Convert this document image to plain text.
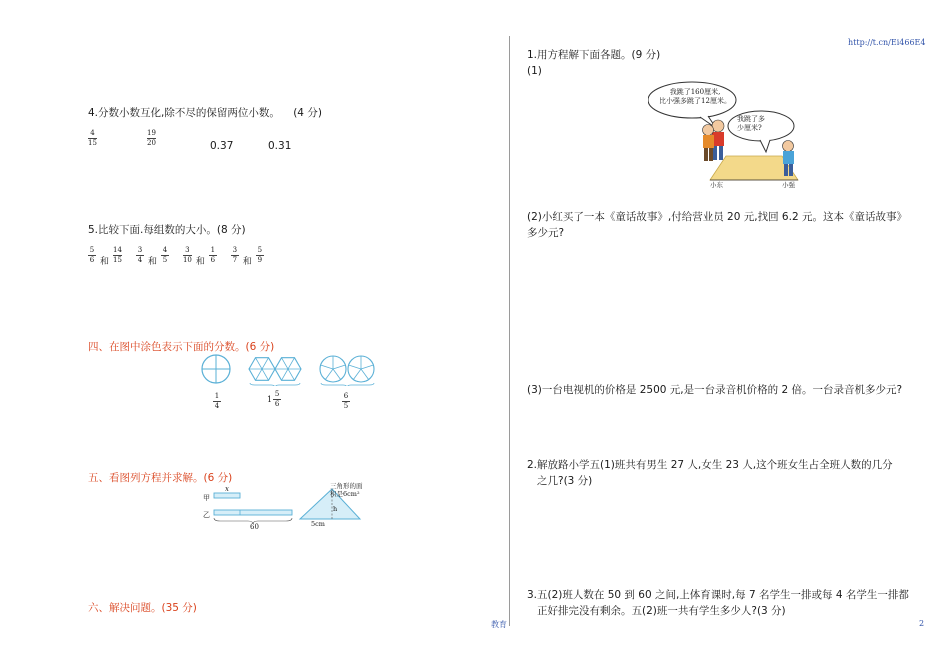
http://t.cn/Ei466E4
教育	2
4.分数小数互化,除不尽的保留两位小数。 (4 分)
$\frac{4}{15}$	$\frac{19}{20}$	0.37	0.31
5.比较下面.每组数的大小。(8 分)
$\frac{5}{6}$ 和 $\frac{14}{15} \frac{3}{4}$ 和 $\frac{4}{5} \frac{3}{10}$ 和 $\frac{1}{6} \frac{3}{7}$ 和 $\frac{5}{9}$
四、在图中涂色表示下面的分数。(6 分)
$\frac{1}{4}$	$1 \frac{5}{6}$	$\frac{6}{5}$
五、看图列方程并求解。(6 分)
甲
乙
x
60
三角形的面
积是6cm²
h
5cm
六、解决问题。(35 分)
1.用方程解下面各题。(9 分)
(1)
我跳了160厘米,
比小强多跳了12厘米。
我跳了多
少厘米?
小东	小强
(2)小红买了一本《童话故事》,付给营业员 20 元,找回 6.2 元。这本《童话故事》
多少元?
(3)一台电视机的价格是 2500 元,是一台录音机价格的 2 倍。一台录音机多少元?
2.解放路小学五(1)班共有男生 27 人,女生 23 人,这个班女生占全班人数的几分
之几?(3 分)
3.五(2)班人数在 50 到 60 之间,上体育课时,每 7 名学生一排或每 4 名学生一排都
正好排完没有剩余。五(2)班一共有学生多少人?(3 分)
